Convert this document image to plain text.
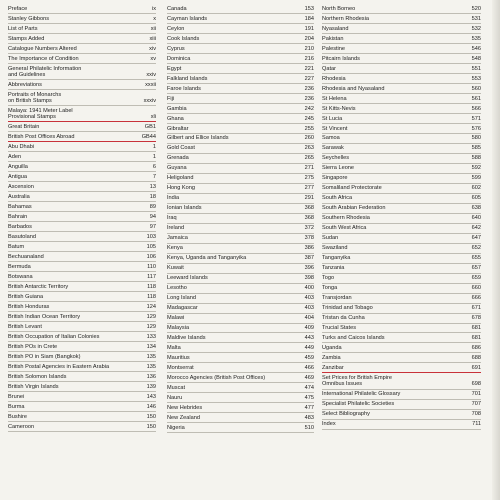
Preface	ix
Stanley Gibbons	x
List of Parts	xii
Stamps Added	xiii
Catalogue Numbers Altered	xiv
The Importance of Condition	xv
General Philatelic Information
and Guidelines	xxiv
Abbreviations	xxxii
Portraits of Monarchs
on British Stamps	xxxiv
Malaya: 1941 Meter Label
Provisional Stamps	xli
Great Britain	GB1
British Post Offices Abroad	GB44
Abu Dhabi	1
Aden	1
Anguilla	6
Antigua	7
Ascension	13
Australia	18
Bahamas	89
Bahrain	94
Barbados	97
Basutoland	103
Batum	105
Bechuanaland	106
Bermuda	110
Botswana	117
British Antarctic Territory	118
British Guiana	118
British Honduras	124
British Indian Ocean Territory	129
British Levant	129
British Occupation of Italian Colonies	133
British POs in Crete	134
British PO in Siam (Bangkok)	135
British Postal Agencies in Eastern Arabia	135
British Solomon Islands	136
British Virgin Islands	139
Brunei	143
Burma	146
Bushire	150
Cameroon	150
Canada	153
Cayman Islands	184
Ceylon	191
Cook Islands	204
Cyprus	210
Dominica	216
Egypt	221
Falkland Islands	227
Faroe Islands	236
Fiji	236
Gambia	242
Ghana	245
Gibraltar	255
Gilbert and Ellice Islands	260
Gold Coast	263
Grenada	265
Guyana	271
Heligoland	275
Hong Kong	277
India	291
Ionian Islands	368
Iraq	368
Ireland	372
Jamaica	378
Kenya	386
Kenya, Uganda and Tanganyika	387
Kuwait	396
Leeward Islands	398
Lesotho	400
Long Island	403
Madagascar	403
Malawi	404
Malaysia	409
Maldive Islands	443
Malta	449
Mauritius	459
Montserrat	466
Morocco Agencies (British Post Offices)	469
Muscat	474
Nauru	475
New Hebrides	477
New Zealand	483
Nigeria	510
North Borneo	520
Northern Rhodesia	531
Nyasaland	532
Pakistan	535
Palestine	546
Pitcairn Islands	548
Qatar	551
Rhodesia	553
Rhodesia and Nyasaland	560
St Helena	561
St Kitts-Nevis	566
St Lucia	571
St Vincent	576
Samoa	580
Sarawak	585
Seychelles	588
Sierra Leone	592
Singapore	599
Somaliland Protectorate	602
South Africa	605
South Arabian Federation	638
Southern Rhodesia	640
South West Africa	642
Sudan	647
Swaziland	652
Tanganyika	655
Tanzania	657
Togo	659
Tonga	660
Transjordan	666
Trinidad and Tobago	671
Tristan da Cunha	678
Trucial States	681
Turks and Caicos Islands	681
Uganda	686
Zambia	688
Zanzibar	691
Set Prices for British Empire
Omnibus Issues	698
International Philatelic Glossary	701
Specialist Philatelic Societies	707
Select Bibliography	708
Index	711
